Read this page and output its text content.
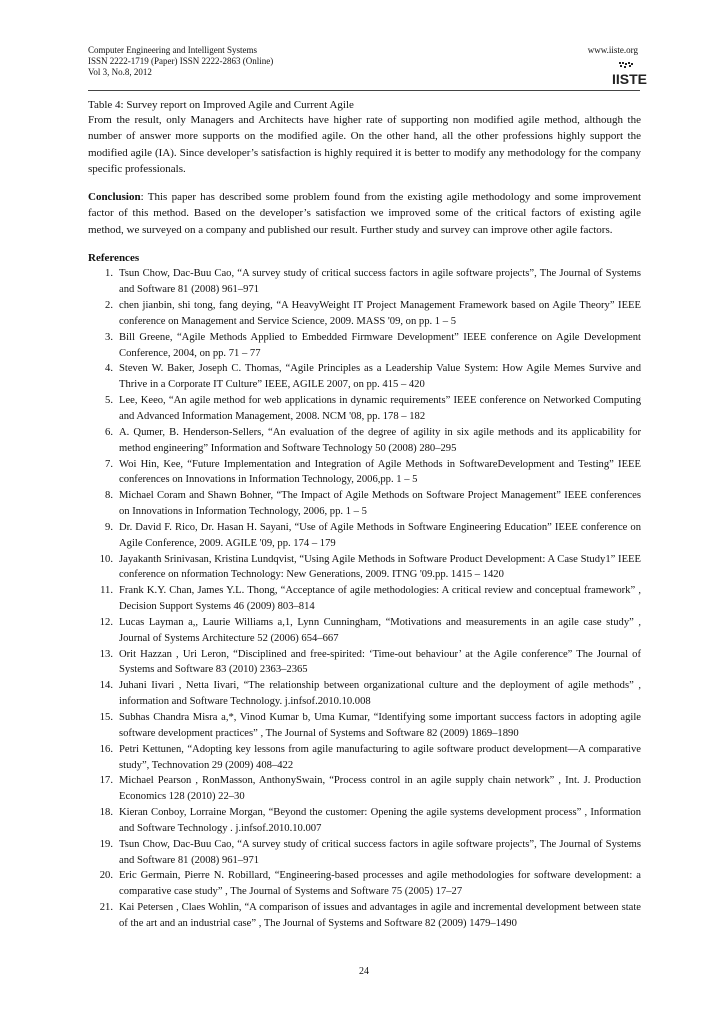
Computer Engineering and Intelligent Systems
ISSN 2222-1719 (Paper) ISSN 2222-2863 (Online)
Vol 3, No.8, 2012
www.iiste.org
IISTE
Table 4: Survey report on Improved Agile and Current Agile

From the result, only Managers and Architects have higher rate of supporting non modified agile method, although the number of answer more supports on the modified agile. On the other hand, all the other professions highly support the modified agile (IA). Since developer’s satisfaction is highly required it is better to modify any methodology for the company specific professionals.

Conclusion: This paper has described some problem found from the existing agile methodology and some improvement factor of this method. Based on the developer’s satisfaction we improved some of the critical factors of existing agile method, we surveyed on a company and published our result. Further study and survey can improve other agile factors.

References
1. Tsun Chow, Dac-Buu Cao, “A survey study of critical success factors in agile software projects”, The Journal of Systems and Software 81 (2008) 961–971
2. chen jianbin, shi tong, fang deying, “A HeavyWeight IT Project Management Framework based on Agile Theory” IEEE conference on Management and Service Science, 2009. MASS '09, on pp. 1 – 5
3. Bill Greene, “Agile Methods Applied to Embedded Firmware Development” IEEE conference on Agile Development Conference, 2004, on pp. 71 – 77
4. Steven W. Baker, Joseph C. Thomas, “Agile Principles as a Leadership Value System: How Agile Memes Survive and Thrive in a Corporate IT Culture” IEEE, AGILE 2007, on pp. 415 – 420
5. Lee, Keeo, “An agile method for web applications in dynamic requirements” IEEE conference on Networked Computing and Advanced Information Management, 2008. NCM '08, pp. 178 – 182
6. A. Qumer, B. Henderson-Sellers, “An evaluation of the degree of agility in six agile methods and its applicability for method engineering” Information and Software Technology 50 (2008) 280–295
7. Woi Hin, Kee, “Future Implementation and Integration of Agile Methods in SoftwareDevelopment and Testing” IEEE conferences on Innovations in Information Technology, 2006,pp. 1 – 5
8. Michael Coram and Shawn Bohner, “The Impact of Agile Methods on Software Project Management” IEEE conferences on Innovations in Information Technology, 2006, pp. 1 – 5
9. Dr. David F. Rico, Dr. Hasan H. Sayani, “Use of Agile Methods in Software Engineering Education” IEEE conference on Agile Conference, 2009. AGILE '09, pp. 174 – 179
10. Jayakanth Srinivasan, Kristina Lundqvist, “Using Agile Methods in Software Product Development: A Case Study1” IEEE conference on nformation Technology: New Generations, 2009. ITNG '09.pp. 1415 – 1420
11. Frank K.Y. Chan, James Y.L. Thong, “Acceptance of agile methodologies: A critical review and conceptual framework” , Decision Support Systems 46 (2009) 803–814
12. Lucas Layman a,, Laurie Williams a,1, Lynn Cunningham, “Motivations and measurements in an agile case study” , Journal of Systems Architecture 52 (2006) 654–667
13. Orit Hazzan , Uri Leron, “Disciplined and free-spirited: ‘Time-out behaviour’ at the Agile conference” The Journal of Systems and Software 83 (2010) 2363–2365
14. Juhani Iivari , Netta Iivari, “The relationship between organizational culture and the deployment of agile methods” , information and Software Technology. j.infsof.2010.10.008
15. Subhas Chandra Misra a,*, Vinod Kumar b, Uma Kumar, “Identifying some important success factors in adopting agile software development practices” , The Journal of Systems and Software 82 (2009) 1869–1890
16. Petri Kettunen, “Adopting key lessons from agile manufacturing to agile software product development—A comparative study”, Technovation 29 (2009) 408–422
17. Michael Pearson , RonMasson, AnthonySwain, “Process control in an agile supply chain network” , Int. J. Production Economics 128 (2010) 22–30
18. Kieran Conboy, Lorraine Morgan, “Beyond the customer: Opening the agile systems development process” , Information and Software Technology . j.infsof.2010.10.007
19. Tsun Chow, Dac-Buu Cao, “A survey study of critical success factors in agile software projects”, The Journal of Systems and Software 81 (2008) 961–971
20. Eric Germain, Pierre N. Robillard, “Engineering-based processes and agile methodologies for software development: a comparative case study” , The Journal of Systems and Software 75 (2005) 17–27
21. Kai Petersen , Claes Wohlin, “A comparison of issues and advantages in agile and incremental development between state of the art and an industrial case” , The Journal of Systems and Software 82 (2009) 1479–1490
24
